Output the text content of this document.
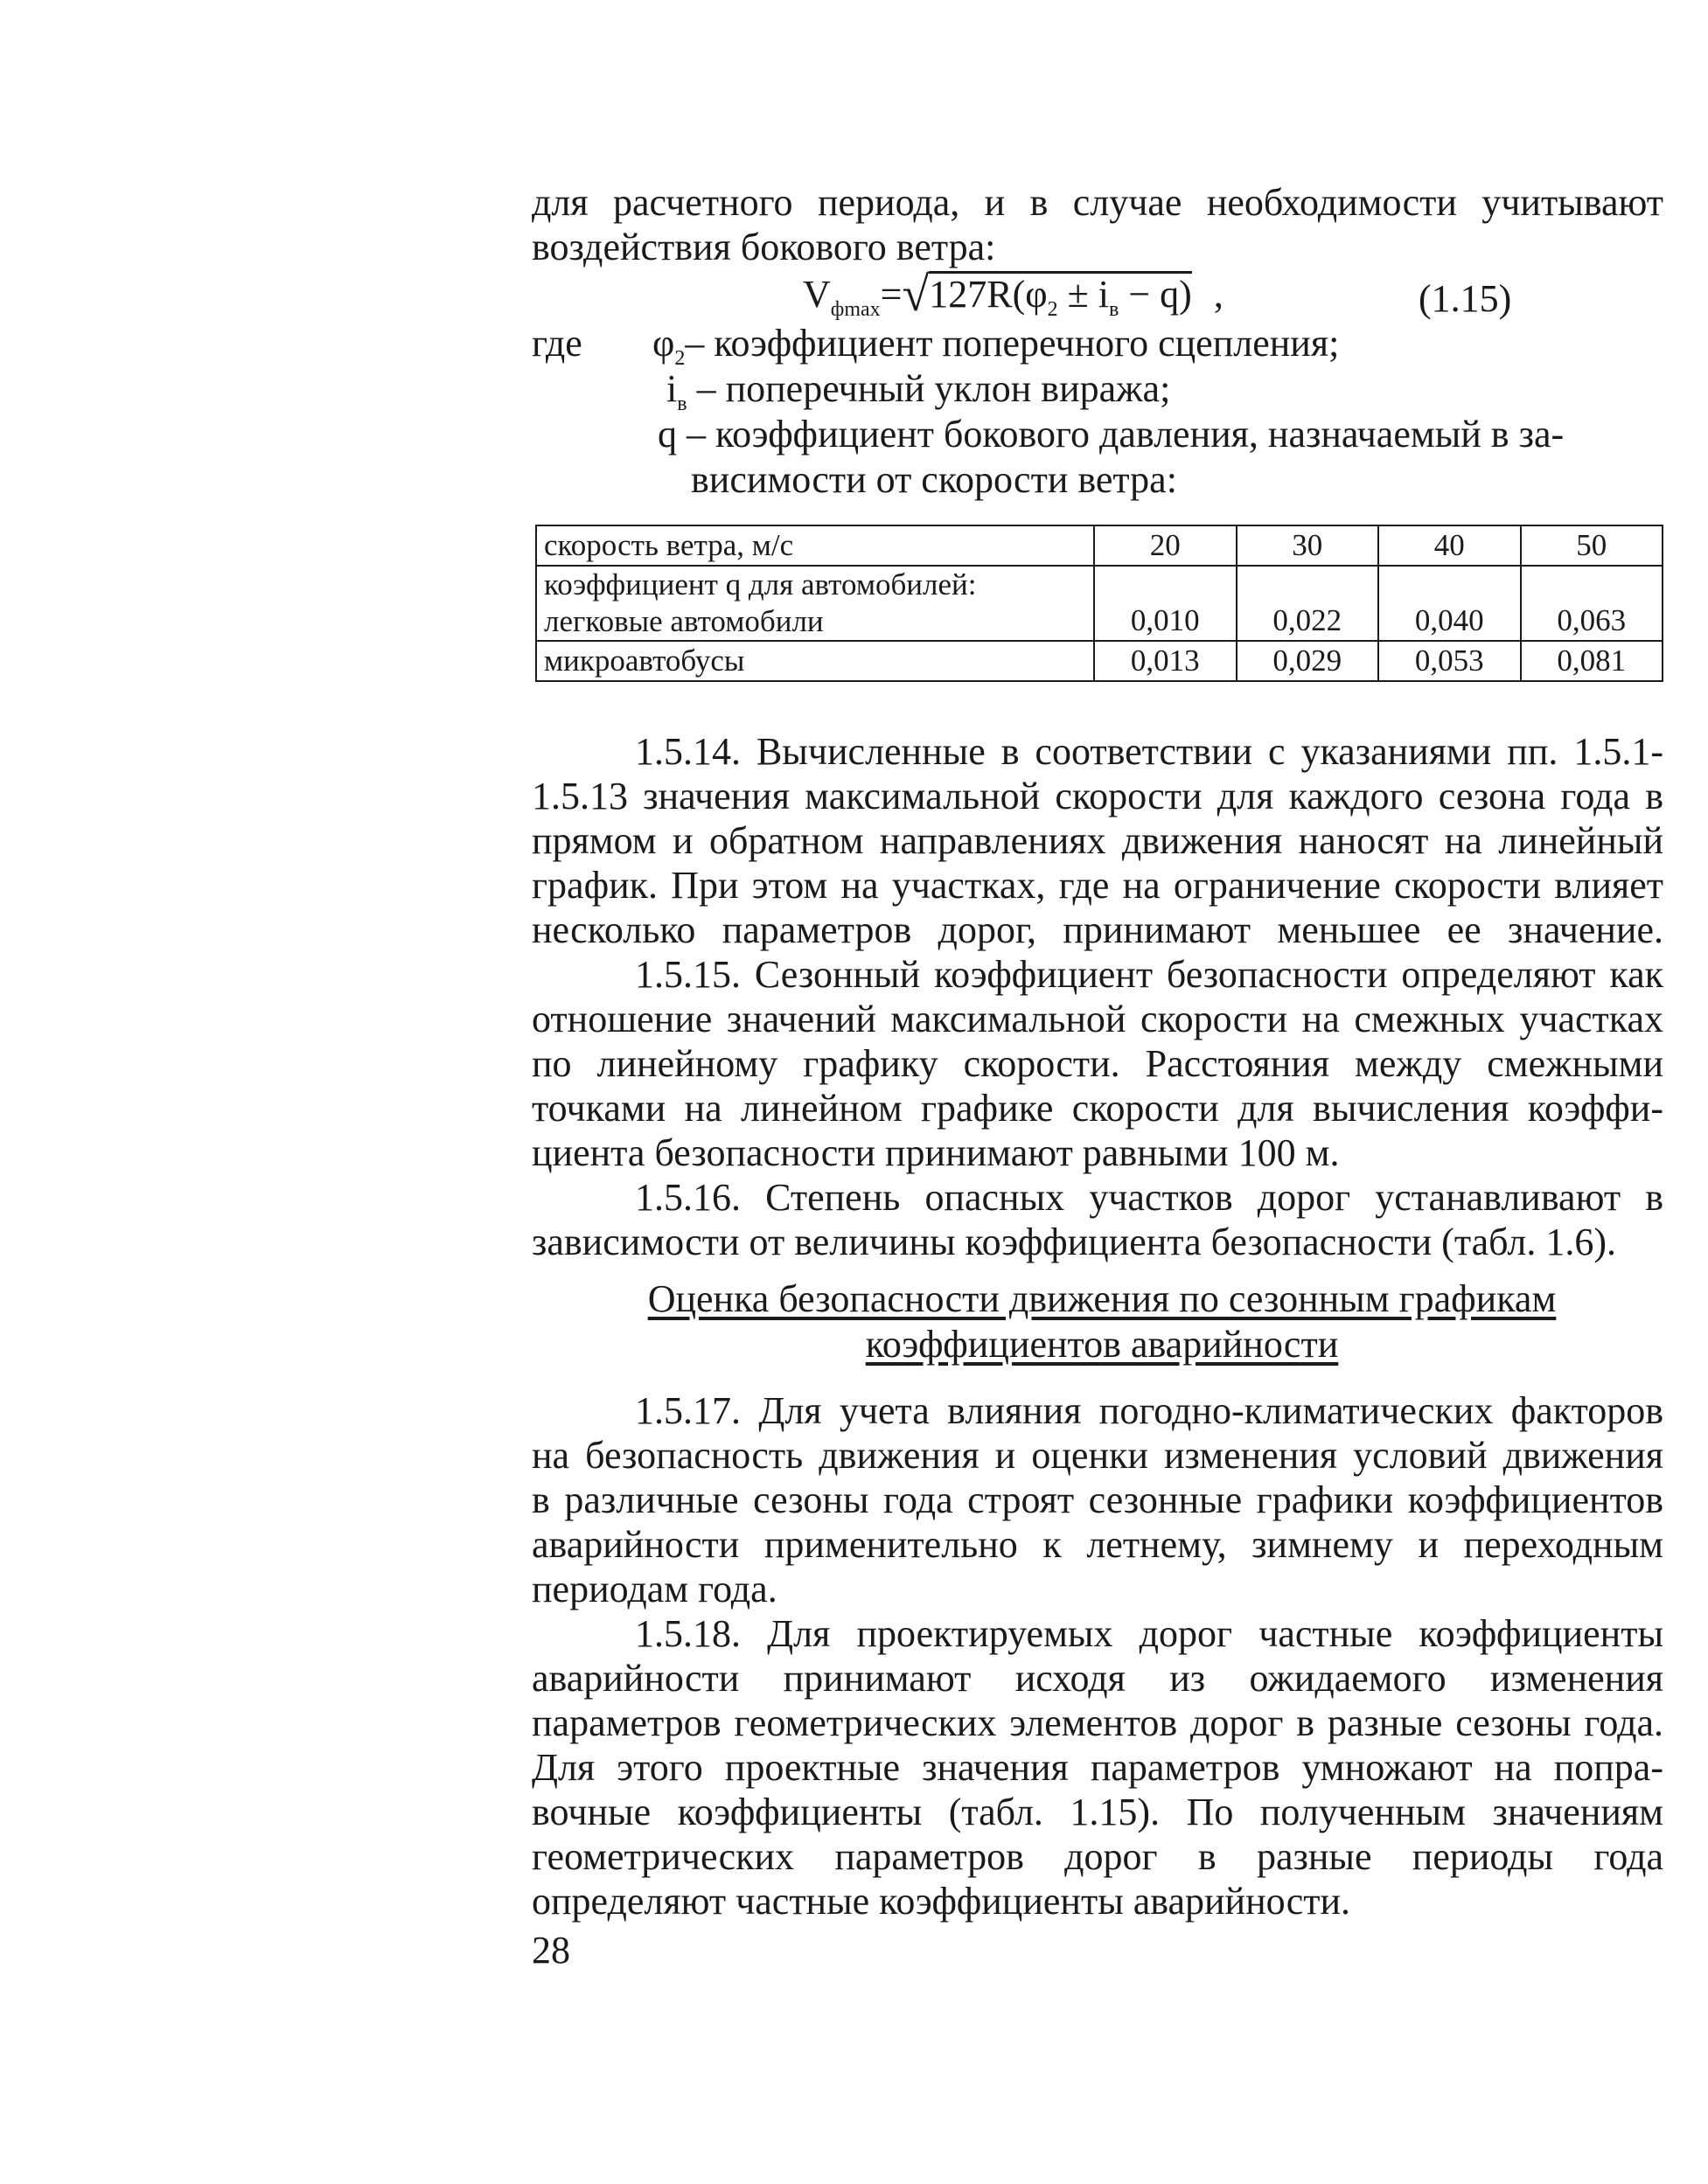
для расчетного периода, и в случае необходимости учитывают
воздействия бокового ветра:
$V_{фmax}=√127R(\varphi_2 \pm i_в - q)$ ,	(1.15)
где $\varphi_2-$ коэффициент поперечного сцепления;
$i_в$ – поперечный уклон виража;
q – коэффициент бокового давления, назначаемый в за-
висимости от скорости ветра:
скорость ветра, м/с	20	30	40	50

коэффициент q для автомобилей:
легковые автомобили	0,010	0,022	0,040	0,063
микроавтобусы	0,013	0,029	0,053	0,081
1.5.14. Вычисленные в соответствии с указаниями пп. 1.5.1-
1.5.13 значения максимальной скорости для каждого сезона года в
прямом и обратном направлениях движения наносят на линейный
график. При этом на участках, где на ограничение скорости влияет
несколько параметров дорог, принимают меньшее ее значение.
1.5.15. Сезонный коэффициент безопасности определяют как
отношение значений максимальной скорости на смежных участках
по линейному графику скорости. Расстояния между смежными
точками на линейном графике скорости для вычисления коэффи-
циента безопасности принимают равными 100 м.
1.5.16. Степень опасных участков дорог устанавливают в
зависимости от величины коэффициента безопасности (табл. 1.6).
Оценка безопасности движения по сезонным графикам
коэффициентов аварийности
1.5.17. Для учета влияния погодно-климатических факторов
на безопасность движения и оценки изменения условий движения
в различные сезоны года строят сезонные графики коэффициентов
аварийности применительно к летнему, зимнему и переходным
периодам года.
1.5.18. Для проектируемых дорог частные коэффициенты
аварийности принимают исходя из ожидаемого изменения
параметров геометрических элементов дорог в разные сезоны года.
Для этого проектные значения параметров умножают на попра-
вочные коэффициенты (табл. 1.15). По полученным значениям
геометрических параметров дорог в разные периоды года
определяют частные коэффициенты аварийности.
28
